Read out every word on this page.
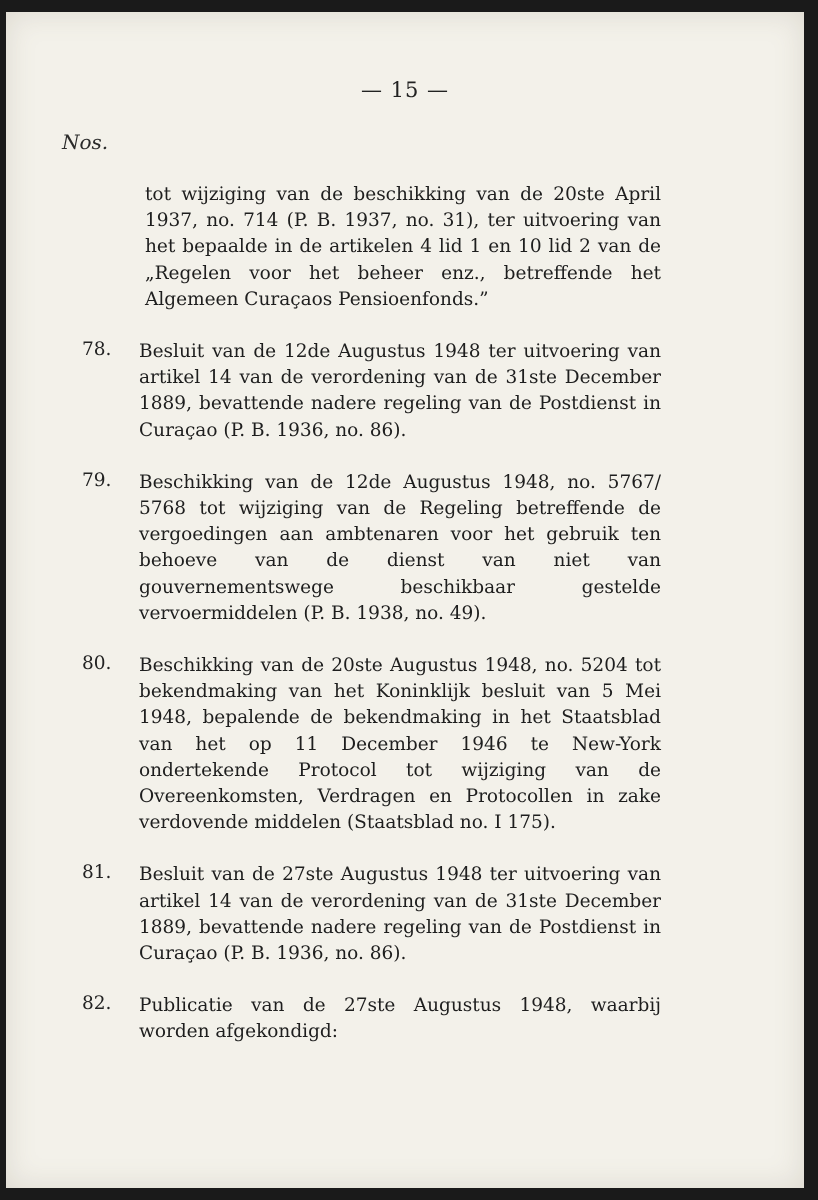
— 15 —
Nos.
tot wijziging van de beschikking van de 20ste April 1937, no. 714 (P. B. 1937, no. 31), ter uitvoering van het bepaalde in de artikelen 4 lid 1 en 10 lid 2 van de „Regelen voor het beheer enz., betreffende het Algemeen Curaçaos Pensioenfonds.”
78. Besluit van de 12de Augustus 1948 ter uitvoering van artikel 14 van de verordening van de 31ste December 1889, bevattende nadere regeling van de Postdienst in Curaçao (P. B. 1936, no. 86).
79. Beschikking van de 12de Augustus 1948, no. 5767/ 5768 tot wijziging van de Regeling betreffende de vergoedingen aan ambtenaren voor het gebruik ten behoeve van de dienst van niet van gouvernementswege beschikbaar gestelde vervoermiddelen (P. B. 1938, no. 49).
80. Beschikking van de 20ste Augustus 1948, no. 5204 tot bekendmaking van het Koninklijk besluit van 5 Mei 1948, bepalende de bekendmaking in het Staatsblad van het op 11 December 1946 te New-York ondertekende Protocol tot wijziging van de Overeenkomsten, Verdragen en Protocollen in zake verdovende middelen (Staatsblad no. I 175).
81. Besluit van de 27ste Augustus 1948 ter uitvoering van artikel 14 van de verordening van de 31ste December 1889, bevattende nadere regeling van de Postdienst in Curaçao (P. B. 1936, no. 86).
82. Publicatie van de 27ste Augustus 1948, waarbij worden afgekondigd:
